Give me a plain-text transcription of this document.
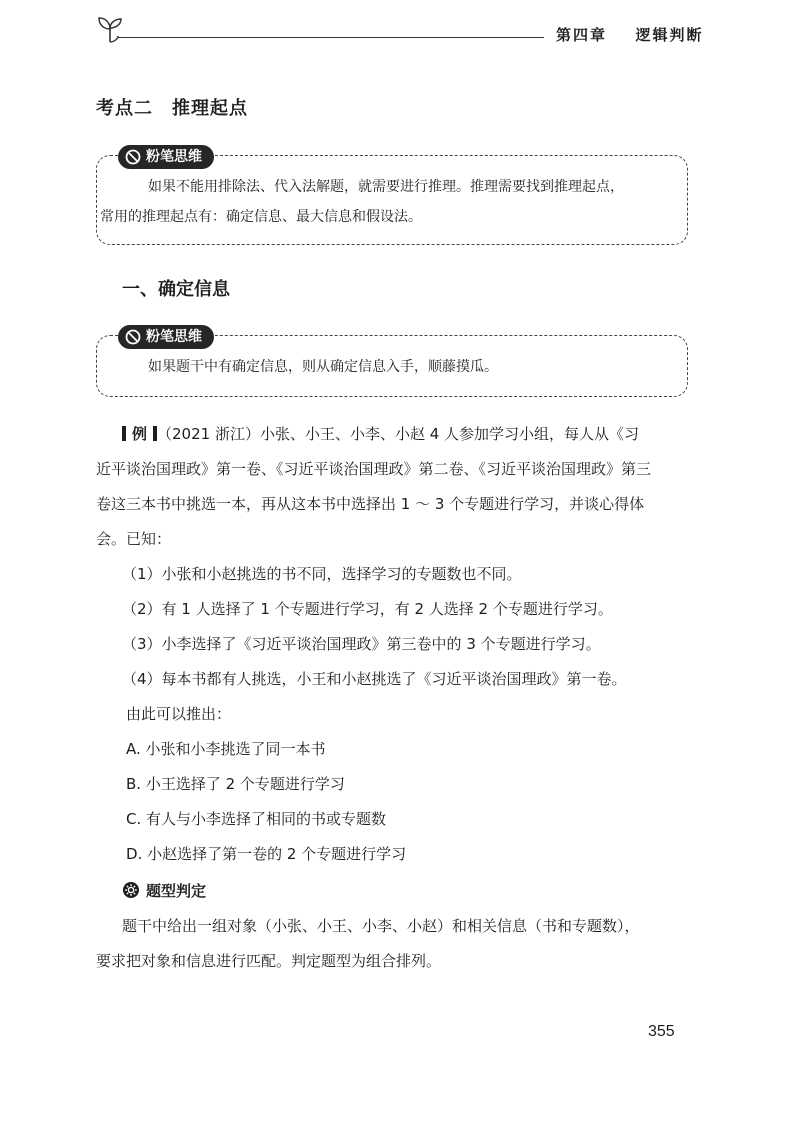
第四章 逻辑判断
考点二　推理起点
粉笔思维
如果不能用排除法、代入法解题，就需要进行推理。推理需要找到推理起点，
常用的推理起点有：确定信息、最大信息和假设法。
一、确定信息
粉笔思维
如果题干中有确定信息，则从确定信息入手，顺藤摸瓜。
例 （2021 浙江）小张、小王、小李、小赵 4 人参加学习小组，每人从《习
近平谈治国理政》第一卷、《习近平谈治国理政》第二卷、《习近平谈治国理政》第三
卷这三本书中挑选一本，再从这本书中选择出 1 ～ 3 个专题进行学习，并谈心得体
会。已知：
（1）小张和小赵挑选的书不同，选择学习的专题数也不同。
（2）有 1 人选择了 1 个专题进行学习，有 2 人选择 2 个专题进行学习。
（3）小李选择了《习近平谈治国理政》第三卷中的 3 个专题进行学习。
（4）每本书都有人挑选，小王和小赵挑选了《习近平谈治国理政》第一卷。
由此可以推出：
A. 小张和小李挑选了同一本书
B. 小王选择了 2 个专题进行学习
C. 有人与小李选择了相同的书或专题数
D. 小赵选择了第一卷的 2 个专题进行学习
题型判定
题干中给出一组对象（小张、小王、小李、小赵）和相关信息（书和专题数），
要求把对象和信息进行匹配。判定题型为组合排列。
355
